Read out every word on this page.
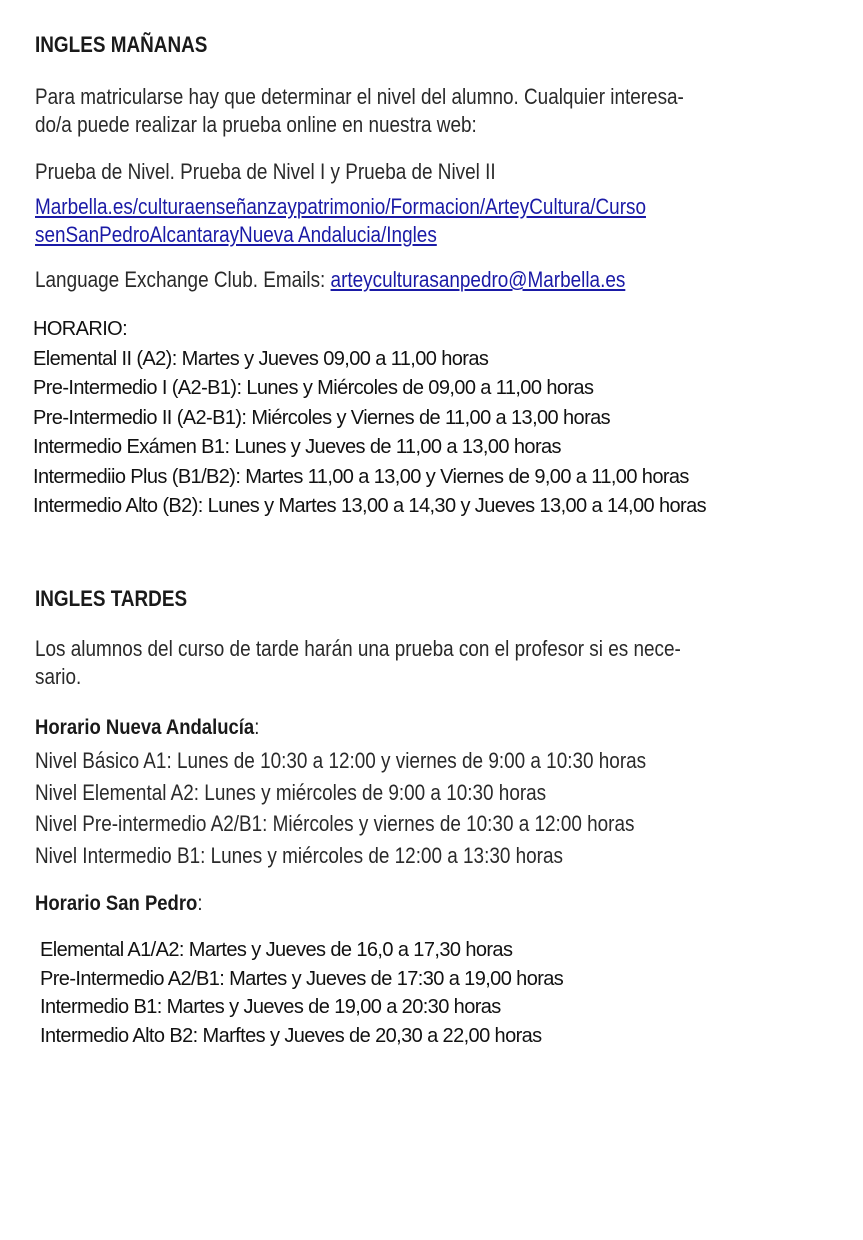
INGLES MAÑANAS
Para matricularse hay que determinar el nivel del alumno. Cualquier interesa-
do/a puede realizar la prueba online en nuestra web:
Prueba de Nivel. Prueba de Nivel I y Prueba de Nivel II
Marbella.es/culturaenseñanzaypatrimonio/Formacion/ArteyCultura/Curso
senSanPedroAlcantarayNueva Andalucia/Ingles
Language Exchange Club. Emails: arteyculturasanpedro@Marbella.es
HORARIO:
Elemental II (A2): Martes y Jueves 09,00 a 11,00 horas
Pre-Intermedio I (A2-B1): Lunes y Miércoles de 09,00 a 11,00 horas
Pre-Intermedio II (A2-B1): Miércoles y Viernes de 11,00 a 13,00 horas
Intermedio Exámen B1: Lunes y Jueves de 11,00 a 13,00 horas
Intermediio Plus (B1/B2): Martes 11,00 a 13,00 y Viernes de 9,00 a 11,00 horas
Intermedio Alto (B2): Lunes y Martes 13,00 a 14,30 y Jueves 13,00 a 14,00 horas
INGLES TARDES
Los alumnos del curso de tarde harán una prueba con el profesor si es nece-
sario.
Horario Nueva Andalucía:
Nivel Básico A1: Lunes de 10:30 a 12:00 y viernes de 9:00 a 10:30 horas
Nivel Elemental A2: Lunes y miércoles de 9:00 a 10:30 horas
Nivel Pre-intermedio A2/B1: Miércoles y viernes de 10:30 a 12:00 horas
Nivel Intermedio B1: Lunes y miércoles de 12:00 a 13:30 horas
Horario San Pedro:
Elemental A1/A2: Martes y Jueves de 16,0 a 17,30 horas
Pre-Intermedio A2/B1: Martes y Jueves de 17:30 a 19,00 horas
Intermedio B1: Martes y Jueves de 19,00 a 20:30 horas
Intermedio Alto B2: Marftes y Jueves de 20,30 a 22,00 horas
